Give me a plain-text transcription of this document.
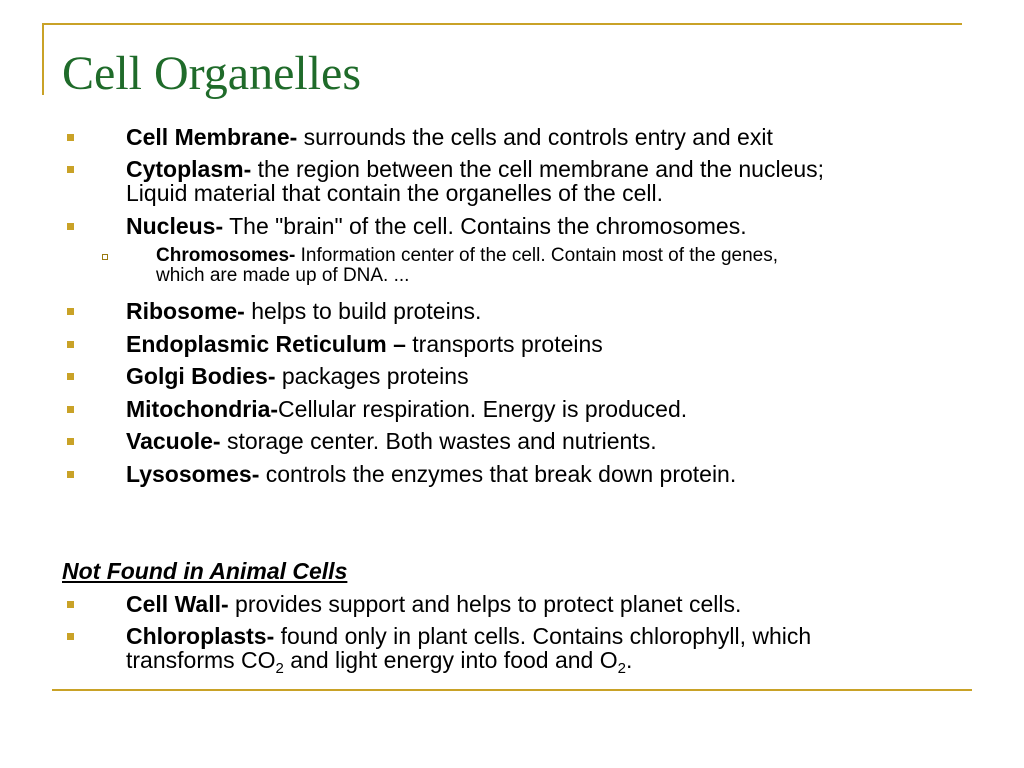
Cell Organelles
Cell Membrane- surrounds the cells and controls entry and exit
Cytoplasm- the region between the cell membrane and the nucleus;
Liquid material that contain the organelles of the cell.
Nucleus- The "brain" of the cell. Contains the chromosomes.
Chromosomes- Information center of the cell. Contain most of the genes,
which are made up of DNA. ...
Ribosome- helps to build proteins.
Endoplasmic Reticulum – transports proteins
Golgi Bodies- packages proteins
Mitochondria-Cellular respiration. Energy is produced.
Vacuole- storage center. Both wastes and nutrients.
Lysosomes- controls the enzymes that break down protein.
Not Found in Animal Cells
Cell Wall- provides support and helps to protect planet cells.
Chloroplasts- found only in plant cells. Contains chlorophyll, which
transforms $CO_2$ and light energy into food and $O_2$.
